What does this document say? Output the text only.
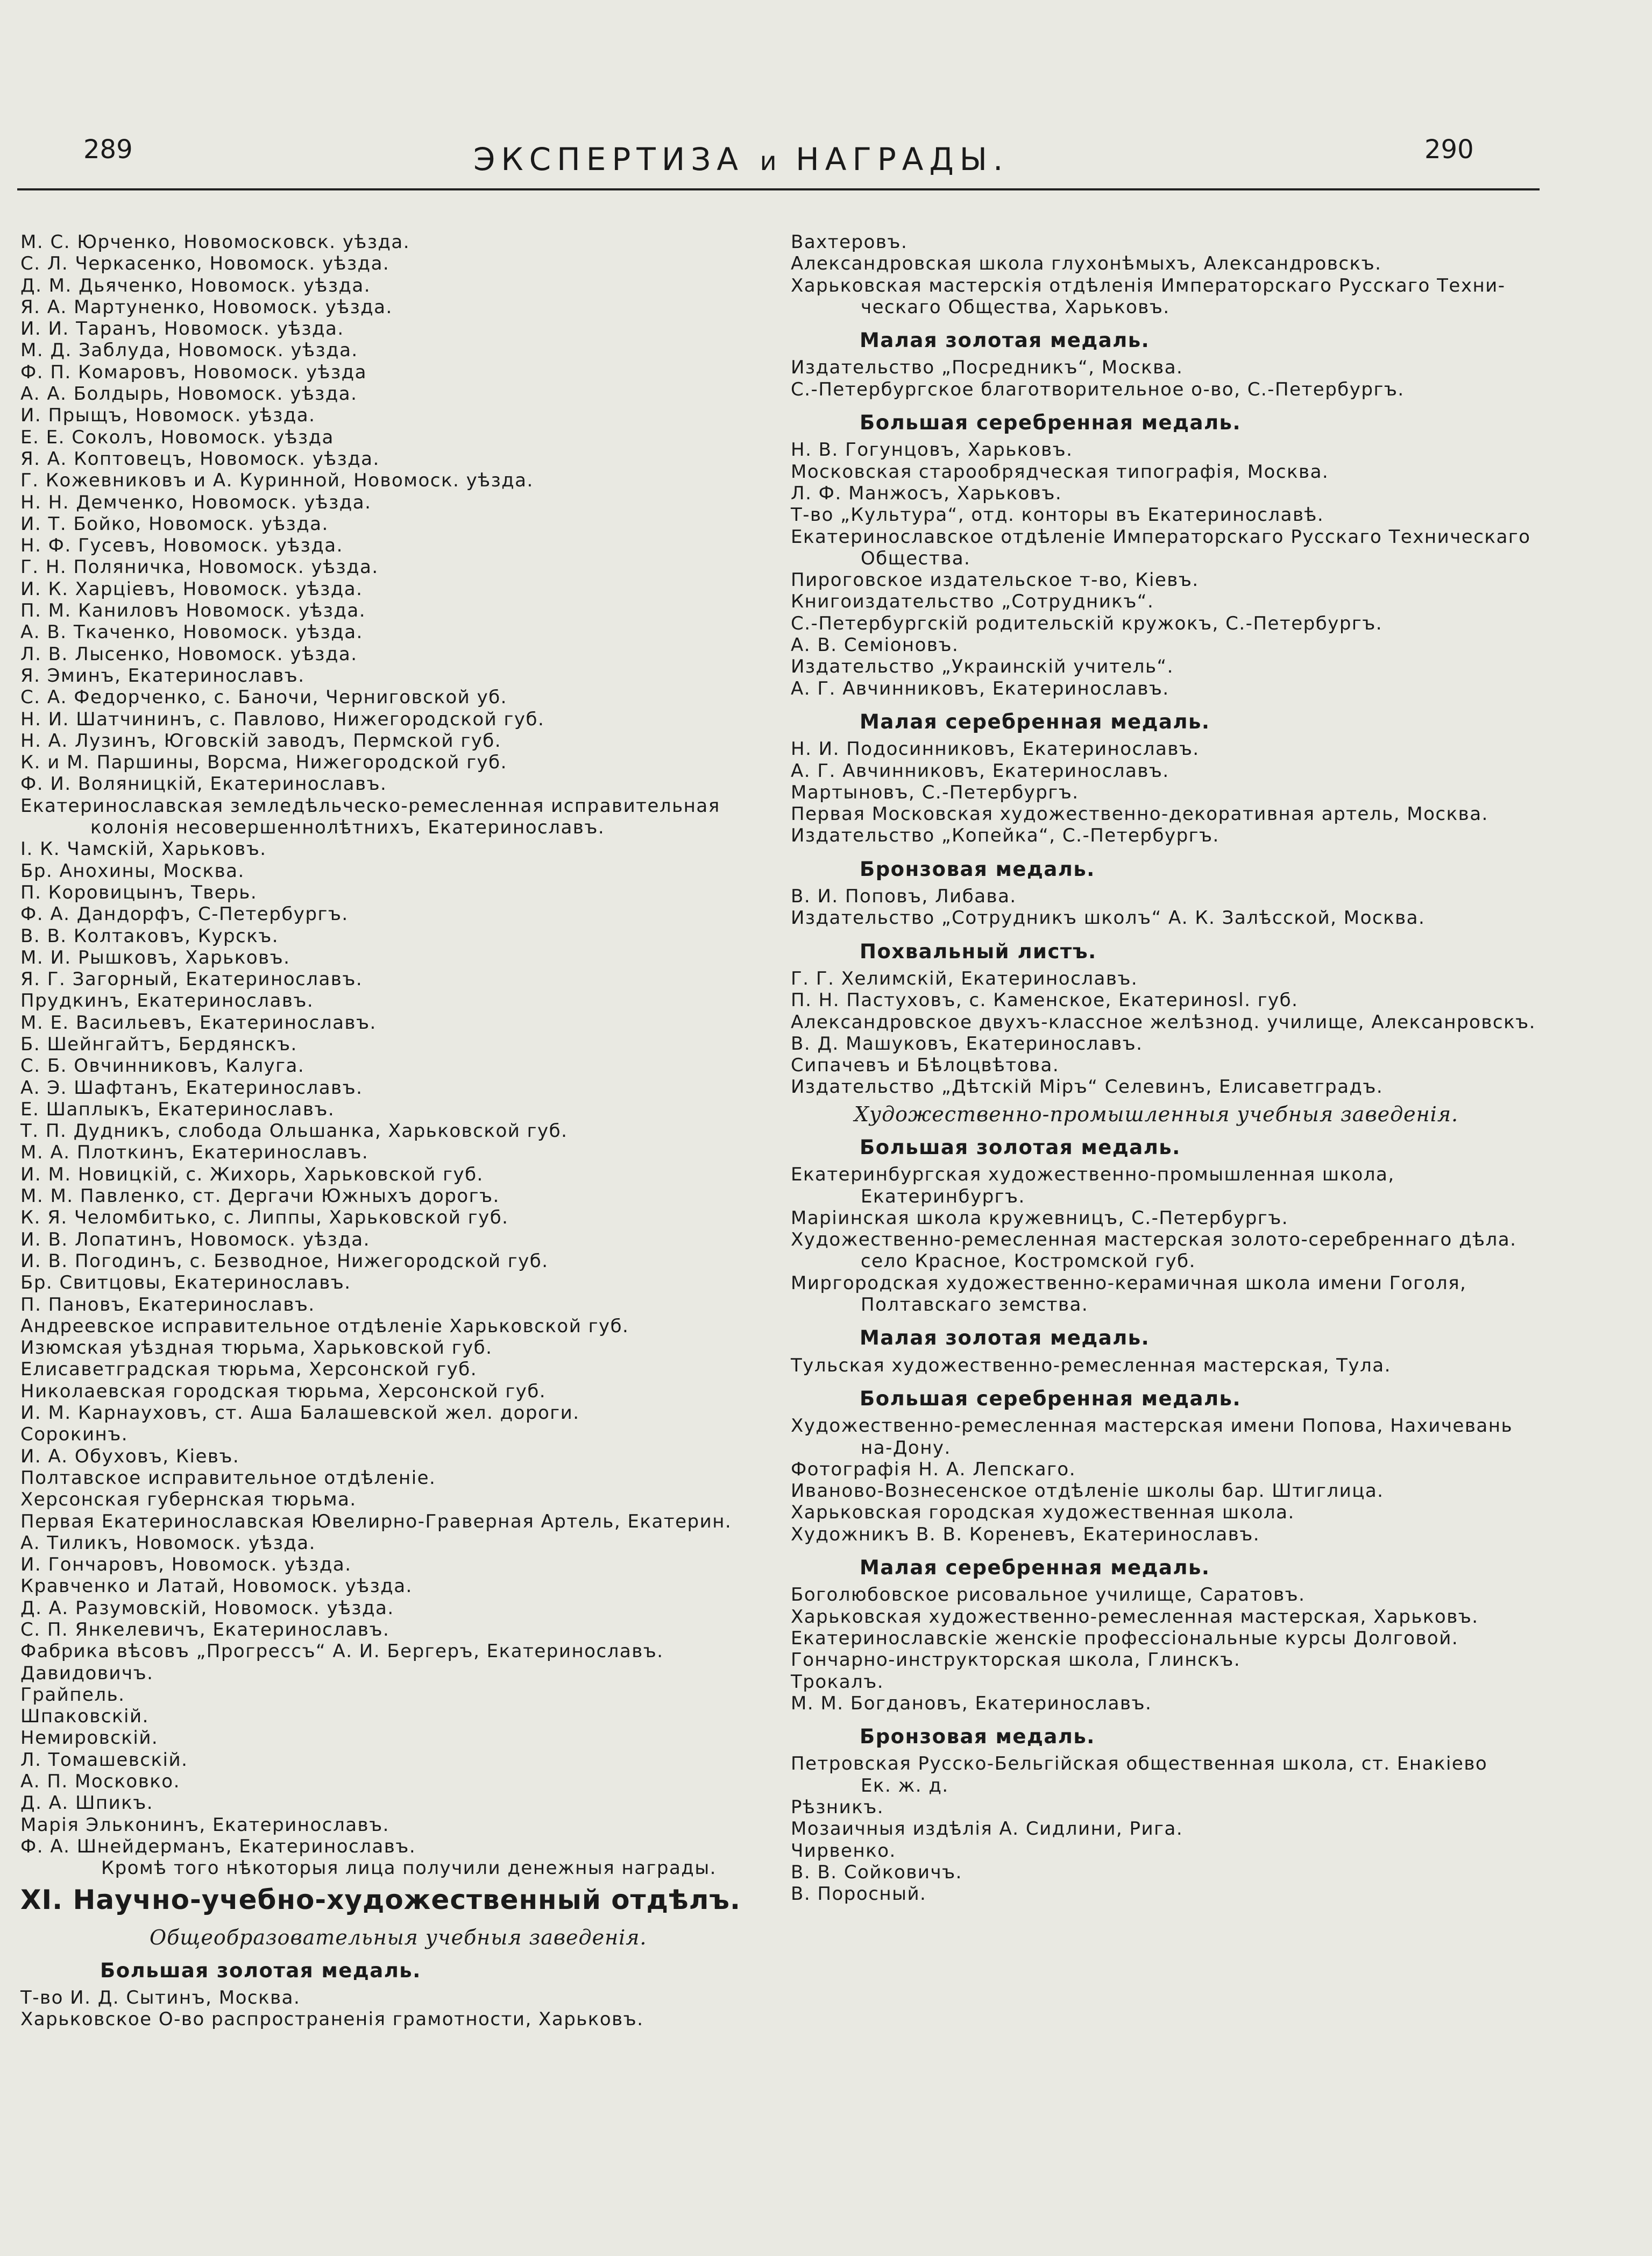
289	ЭКСПЕРТИЗА и НАГРАДЫ.	290
М. С. Юрченко, Новомосковск. уѣзда.
С. Л. Черкасенко, Новомоск. уѣзда.
Д. М. Дьяченко, Новомоск. уѣзда.
Я. А. Мартуненко, Новомоск. уѣзда.
И. И. Таранъ, Новомоск. уѣзда.
М. Д. Заблуда, Новомоск. уѣзда.
Ф. П. Комаровъ, Новомоск. уѣзда
А. А. Болдырь, Новомоск. уѣзда.
И. Прыщъ, Новомоск. уѣзда.
Е. Е. Соколъ, Новомоск. уѣзда
Я. А. Коптовецъ, Новомоск. уѣзда.
Г. Кожевниковъ и А. Куринной, Новомоск. уѣзда.
Н. Н. Демченко, Новомоск. уѣзда.
И. Т. Бойко, Новомоск. уѣзда.
Н. Ф. Гусевъ, Новомоск. уѣзда.
Г. Н. Поляничка, Новомоск. уѣзда.
И. К. Харціевъ, Новомоск. уѣзда.
П. М. Каниловъ Новомоск. уѣзда.
А. В. Ткаченко, Новомоск. уѣзда.
Л. В. Лысенко, Новомоск. уѣзда.
Я. Эминъ, Екатеринославъ.
С. А. Федорченко, с. Баночи, Черниговской уб.
Н. И. Шатчининъ, с. Павлово, Нижегородской губ.
Н. А. Лузинъ, Юговскій заводъ, Пермской губ.
К. и М. Паршины, Ворсма, Нижегородской губ.
Ф. И. Воляницкій, Екатеринославъ.
Екатеринославская земледѣльческо-ремесленная исправительная
колонія несовершеннолѣтнихъ, Екатеринославъ.
І. К. Чамскій, Харьковъ.
Бр. Анохины, Москва.
П. Коровицынъ, Тверь.
Ф. А. Дандорфъ, С-Петербургъ.
В. В. Колтаковъ, Курскъ.
М. И. Рышковъ, Харьковъ.
Я. Г. Загорный, Екатеринославъ.
Прудкинъ, Екатеринославъ.
М. Е. Васильевъ, Екатеринославъ.
Б. Шейнгайтъ, Бердянскъ.
С. Б. Овчинниковъ, Калуга.
А. Э. Шафтанъ, Екатеринославъ.
Е. Шаплыкъ, Екатеринославъ.
Т. П. Дудникъ, слобода Ольшанка, Харьковской губ.
М. А. Плоткинъ, Екатеринославъ.
И. М. Новицкій, с. Жихорь, Харьковской губ.
М. М. Павленко, ст. Дергачи Южныхъ дорогъ.
К. Я. Челомбитько, с. Липпы, Харьковской губ.
И. В. Лопатинъ, Новомоск. уѣзда.
И. В. Погодинъ, с. Безводное, Нижегородской губ.
Бр. Свитцовы, Екатеринославъ.
П. Пановъ, Екатеринославъ.
Андреевское исправительное отдѣленіе Харьковской губ.
Изюмская уѣздная тюрьма, Харьковской губ.
Елисаветградская тюрьма, Херсонской губ.
Николаевская городская тюрьма, Херсонской губ.
И. М. Карнауховъ, ст. Аша Балашевской жел. дороги.
Сорокинъ.
И. А. Обуховъ, Кіевъ.
Полтавское исправительное отдѣленіе.
Херсонская губернская тюрьма.
Первая Екатеринославская Ювелирно-Граверная Артель, Екатерин.
А. Тиликъ, Новомоск. уѣзда.
И. Гончаровъ, Новомоск. уѣзда.
Кравченко и Латай, Новомоск. уѣзда.
Д. А. Разумовскій, Новомоск. уѣзда.
С. П. Янкелевичъ, Екатеринославъ.
Фабрика вѣсовъ „Прогрессъ“ А. И. Бергеръ, Екатеринославъ.
Давидовичъ.
Грайпель.
Шпаковскій.
Немировскій.
Л. Томашевскій.
А. П. Московко.
Д. А. Шпикъ.
Марія Эльконинъ, Екатеринославъ.
Ф. А. Шнейдерманъ, Екатеринославъ.
Кромѣ того нѣкоторыя лица получили денежныя награды.
XI. Научно-учебно-художественный отдѣлъ.
Общеобразовательныя учебныя заведенія.
Большая золотая медаль.
Т-во И. Д. Сытинъ, Москва.
Харьковское О-во распространенія грамотности, Харьковъ.
Вахтеровъ.
Александровская школа глухонѣмыхъ, Александровскъ.
Харьковская мастерскія отдѣленія Императорскаго Русскаго Техни-
ческаго Общества, Харьковъ.
Малая золотая медаль.
Издательство „Посредникъ“, Москва.
С.-Петербургское благотворительное о-во, С.-Петербургъ.
Большая серебренная медаль.
Н. В. Гогунцовъ, Харьковъ.
Московская старообрядческая типографія, Москва.
Л. Ф. Манжосъ, Харьковъ.
Т-во „Культура“, отд. конторы въ Екатеринославѣ.
Екатеринославское отдѣленіе Императорскаго Русскаго Техническаго
Общества.
Пироговское издательское т-во, Кіевъ.
Книгоиздательство „Сотрудникъ“.
С.-Петербургскій родительскій кружокъ, С.-Петербургъ.
А. В. Семіоновъ.
Издательство „Украинскій учитель“.
А. Г. Авчинниковъ, Екатеринославъ.
Малая серебренная медаль.
Н. И. Подосинниковъ, Екатеринославъ.
А. Г. Авчинниковъ, Екатеринославъ.
Мартыновъ, С.-Петербургъ.
Первая Московская художественно-декоративная артель, Москва.
Издательство „Копейка“, С.-Петербургъ.
Бронзовая медаль.
В. И. Поповъ, Либава.
Издательство „Сотрудникъ школъ“ А. К. Залѣсской, Москва.
Похвальный листъ.
Г. Г. Хелимскій, Екатеринославъ.
П. Н. Пастуховъ, с. Каменское, Екатеринosl. губ.
Александровское двухъ-классное желѣзнод. училище, Алексанровскъ.
В. Д. Машуковъ, Екатеринославъ.
Сипачевъ и Бѣлоцвѣтова.
Издательство „Дѣтскій Міръ“ Селевинъ, Елисаветградъ.
Художественно-промышленныя учебныя заведенія.
Большая золотая медаль.
Екатеринбургская художественно-промышленная школа,
Екатеринбургъ.
Маріинская школа кружевницъ, С.-Петербургъ.
Художественно-ремесленная мастерская золото-серебреннаго дѣла.
село Красное, Костромской губ.
Миргородская художественно-керамичная школа имени Гоголя,
Полтавскаго земства.
Малая золотая медаль.
Тульская художественно-ремесленная мастерская, Тула.
Большая серебренная медаль.
Художественно-ремесленная мастерская имени Попова, Нахичевань
на-Дону.
Фотографія Н. А. Лепскаго.
Иваново-Вознесенское отдѣленіе школы бар. Штиглица.
Харьковская городская художественная школа.
Художникъ В. В. Кореневъ, Екатеринославъ.
Малая серебренная медаль.
Боголюбовское рисовальное училище, Саратовъ.
Харьковская художественно-ремесленная мастерская, Харьковъ.
Екатеринославскіе женскіе профессіональные курсы Долговой.
Гончарно-инструкторская школа, Глинскъ.
Трокалъ.
М. М. Богдановъ, Екатеринославъ.
Бронзовая медаль.
Петровская Русско-Бельгійская общественная школа, ст. Енакіево
Ек. ж. д.
Рѣзникъ.
Мозаичныя издѣлія А. Сидлини, Рига.
Чирвенко.
В. В. Сойковичъ.
В. Поросный.
